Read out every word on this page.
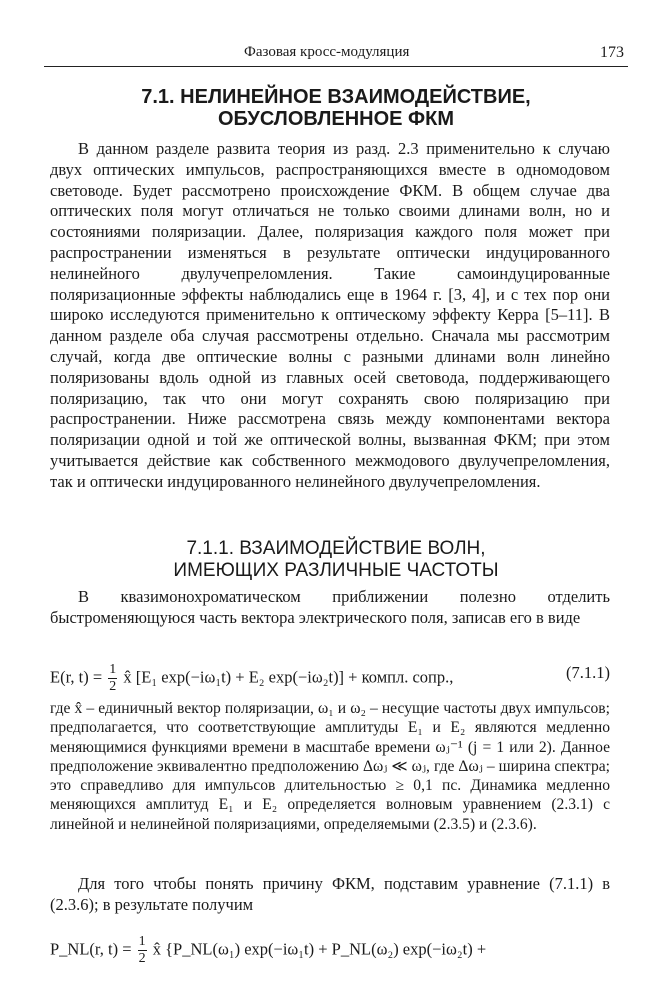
Фазовая кросс-модуляция	173
7.1. НЕЛИНЕЙНОЕ ВЗАИМОДЕЙСТВИЕ,
ОБУСЛОВЛЕННОЕ ФКМ

В данном разделе развита теория из разд. 2.3 применительно к случаю двух оптических импульсов, распространяющихся вместе в одномодовом световоде. Будет рассмотрено происхождение ФКМ. В общем случае два оптических поля могут отличаться не только своими длинами волн, но и состояниями поляризации. Далее, поляризация каждого поля может при распространении изменяться в результате оптически индуцированного нелинейного двулучепреломления. Такие самоиндуцированные поляризационные эффекты наблюдались еще в 1964 г. [3, 4], и с тех пор они широко исследуются применительно к оптическому эффекту Керра [5–11]. В данном разделе оба случая рассмотрены отдельно. Сначала мы рассмотрим случай, когда две оптические волны с разными длинами волн линейно поляризованы вдоль одной из главных осей световода, поддерживающего поляризацию, так что они могут сохранять свою поляризацию при распространении. Ниже рассмотрена связь между компонентами вектора поляризации одной и той же оптической волны, вызванная ФКМ; при этом учитывается действие как собственного межмодового двулучепреломления, так и оптически индуцированного нелинейного двулучепреломления.

7.1.1. ВЗАИМОДЕЙСТВИЕ ВОЛН,
ИМЕЮЩИХ РАЗЛИЧНЫЕ ЧАСТОТЫ

В квазимонохроматическом приближении полезно отделить быстроменяющуюся часть вектора электрического поля, записав его в виде

E(r, $t) = \frac{1}{2}$ x̂ [E₁ exp(−iω₁t) + E₂ exp(−iω₂t)] + компл. сопр.,	(7.1.1)

где x̂ – единичный вектор поляризации, ω₁ и ω₂ – несущие частоты двух импульсов; предполагается, что соответствующие амплитуды E₁ и E₂ являются медленно меняющимися функциями времени в масштабе времени ωⱼ⁻¹ (j = 1 или 2). Данное предположение эквивалентно предположению Δωⱼ ≪ ωⱼ, где Δωⱼ – ширина спектра; это справедливо для импульсов длительностью ≥ 0,1 пс. Динамика медленно меняющихся амплитуд E₁ и E₂ определяется волновым уравнением (2.3.1) с линейной и нелинейной поляризациями, определяемыми (2.3.5) и (2.3.6).

Для того чтобы понять причину ФКМ, подставим уравнение (7.1.1) в (2.3.6); в результате получим

P_NL(r, $t) = \frac{1}{2}$ x̂ {P_NL(ω₁) exp(−iω₁t) + P_NL(ω₂) exp(−iω₂t) +
